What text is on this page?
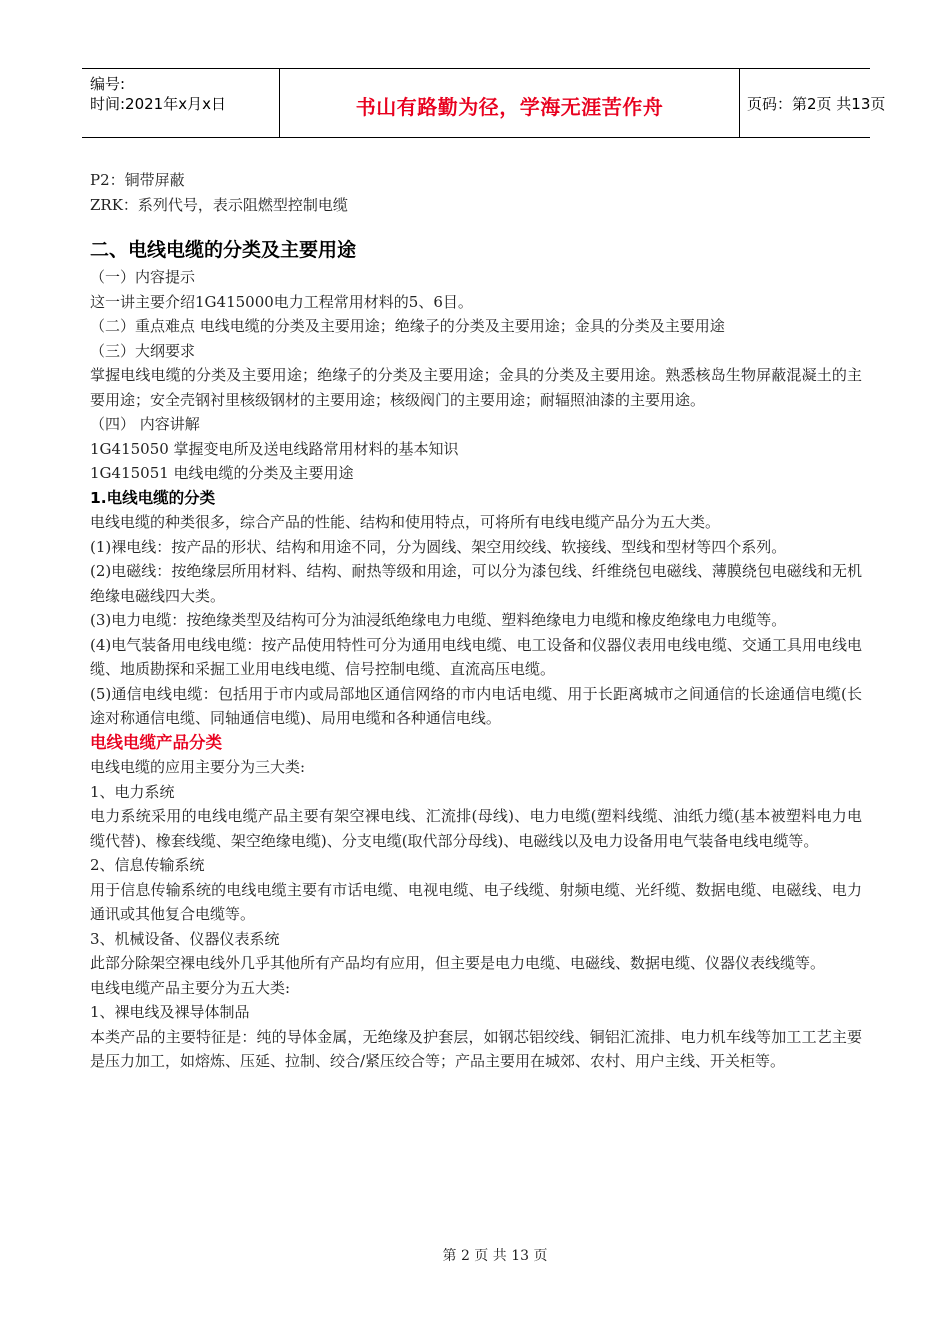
编号:
时间:2021年x月x日	书山有路勤为径，学海无涯苦作舟	页码：第2页 共13页

P2：铜带屏蔽

ZRK：系列代号，表示阻燃型控制电缆

二、电线电缆的分类及主要用途

（一）内容提示

这一讲主要介绍1G415000电力工程常用材料的5、6目。

（二）重点难点 电线电缆的分类及主要用途；绝缘子的分类及主要用途；金具的分类及主要用途

（三）大纲要求

掌握电线电缆的分类及主要用途；绝缘子的分类及主要用途；金具的分类及主要用途。熟悉核岛生物屏蔽混凝土的主要用途；安全壳钢衬里核级钢材的主要用途；核级阀门的主要用途；耐辐照油漆的主要用途。

（四） 内容讲解

1G415050 掌握变电所及送电线路常用材料的基本知识

1G415051 电线电缆的分类及主要用途

1.电线电缆的分类

电线电缆的种类很多，综合产品的性能、结构和使用特点，可将所有电线电缆产品分为五大类。

(1)裸电线：按产品的形状、结构和用途不同，分为圆线、架空用绞线、软接线、型线和型材等四个系列。

(2)电磁线：按绝缘层所用材料、结构、耐热等级和用途，可以分为漆包线、纤维绕包电磁线、薄膜绕包电磁线和无机绝缘电磁线四大类。

(3)电力电缆：按绝缘类型及结构可分为油浸纸绝缘电力电缆、塑料绝缘电力电缆和橡皮绝缘电力电缆等。

(4)电气装备用电线电缆：按产品使用特性可分为通用电线电缆、电工设备和仪器仪表用电线电缆、交通工具用电线电缆、地质勘探和采掘工业用电线电缆、信号控制电缆、直流高压电缆。

(5)通信电线电缆：包括用于市内或局部地区通信网络的市内电话电缆、用于长距离城市之间通信的长途通信电缆(长途对称通信电缆、同轴通信电缆)、局用电缆和各种通信电线。

电线电缆产品分类

电线电缆的应用主要分为三大类:

1、电力系统

电力系统采用的电线电缆产品主要有架空裸电线、汇流排(母线)、电力电缆(塑料线缆、油纸力缆(基本被塑料电力电缆代替)、橡套线缆、架空绝缘电缆)、分支电缆(取代部分母线)、电磁线以及电力设备用电气装备电线电缆等。

2、信息传输系统

用于信息传输系统的电线电缆主要有市话电缆、电视电缆、电子线缆、射频电缆、光纤缆、数据电缆、电磁线、电力通讯或其他复合电缆等。

3、机械设备、仪器仪表系统

此部分除架空裸电线外几乎其他所有产品均有应用，但主要是电力电缆、电磁线、数据电缆、仪器仪表线缆等。

电线电缆产品主要分为五大类:

1、裸电线及裸导体制品

本类产品的主要特征是：纯的导体金属，无绝缘及护套层，如钢芯铝绞线、铜铝汇流排、电力机车线等加工工艺主要是压力加工，如熔炼、压延、拉制、绞合/紧压绞合等；产品主要用在城郊、农村、用户主线、开关柜等。

第 2 页 共 13 页
